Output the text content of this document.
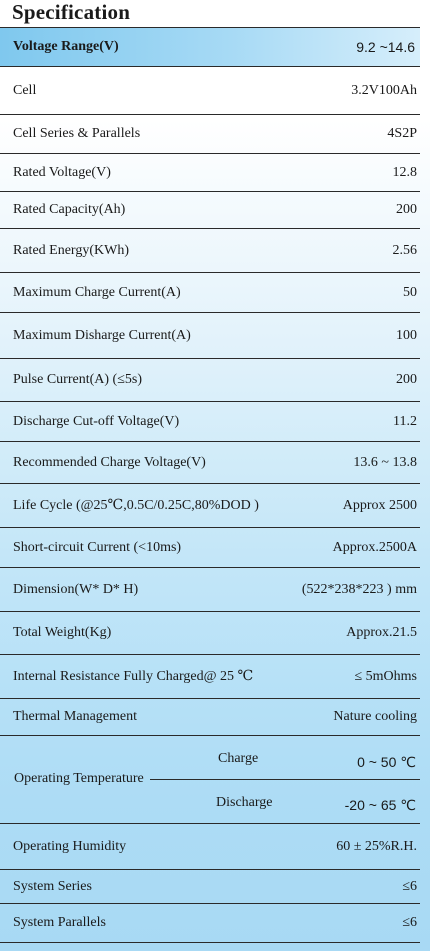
Specification
Voltage Range(V)	9.2 ~14.6
Cell	3.2V100Ah
Cell Series & Parallels	4S2P
Rated Voltage(V)	12.8
Rated Capacity(Ah)	200
Rated Energy(KWh)	2.56
Maximum Charge Current(A)	50
Maximum Disharge Current(A)	100
Pulse Current(A) (≤5s)	200
Discharge Cut-off Voltage(V)	11.2
Recommended Charge Voltage(V)	13.6 ~ 13.8
Life Cycle (@25℃,0.5C/0.25C,80%DOD )	Approx 2500
Short-circuit Current (<10ms)	Approx.2500A
Dimension(W* D* H)	(522*238*223 ) mm
Total Weight(Kg)	Approx.21.5
Internal Resistance Fully Charged@ 25 ℃	≤ 5mOhms
Thermal Management	Nature cooling
Operating Temperature
Charge	0 ~ 50 ℃
Discharge	-20 ~ 65 ℃
Operating Humidity	60 ± 25%R.H.
System Series	≤6
System Parallels	≤6
